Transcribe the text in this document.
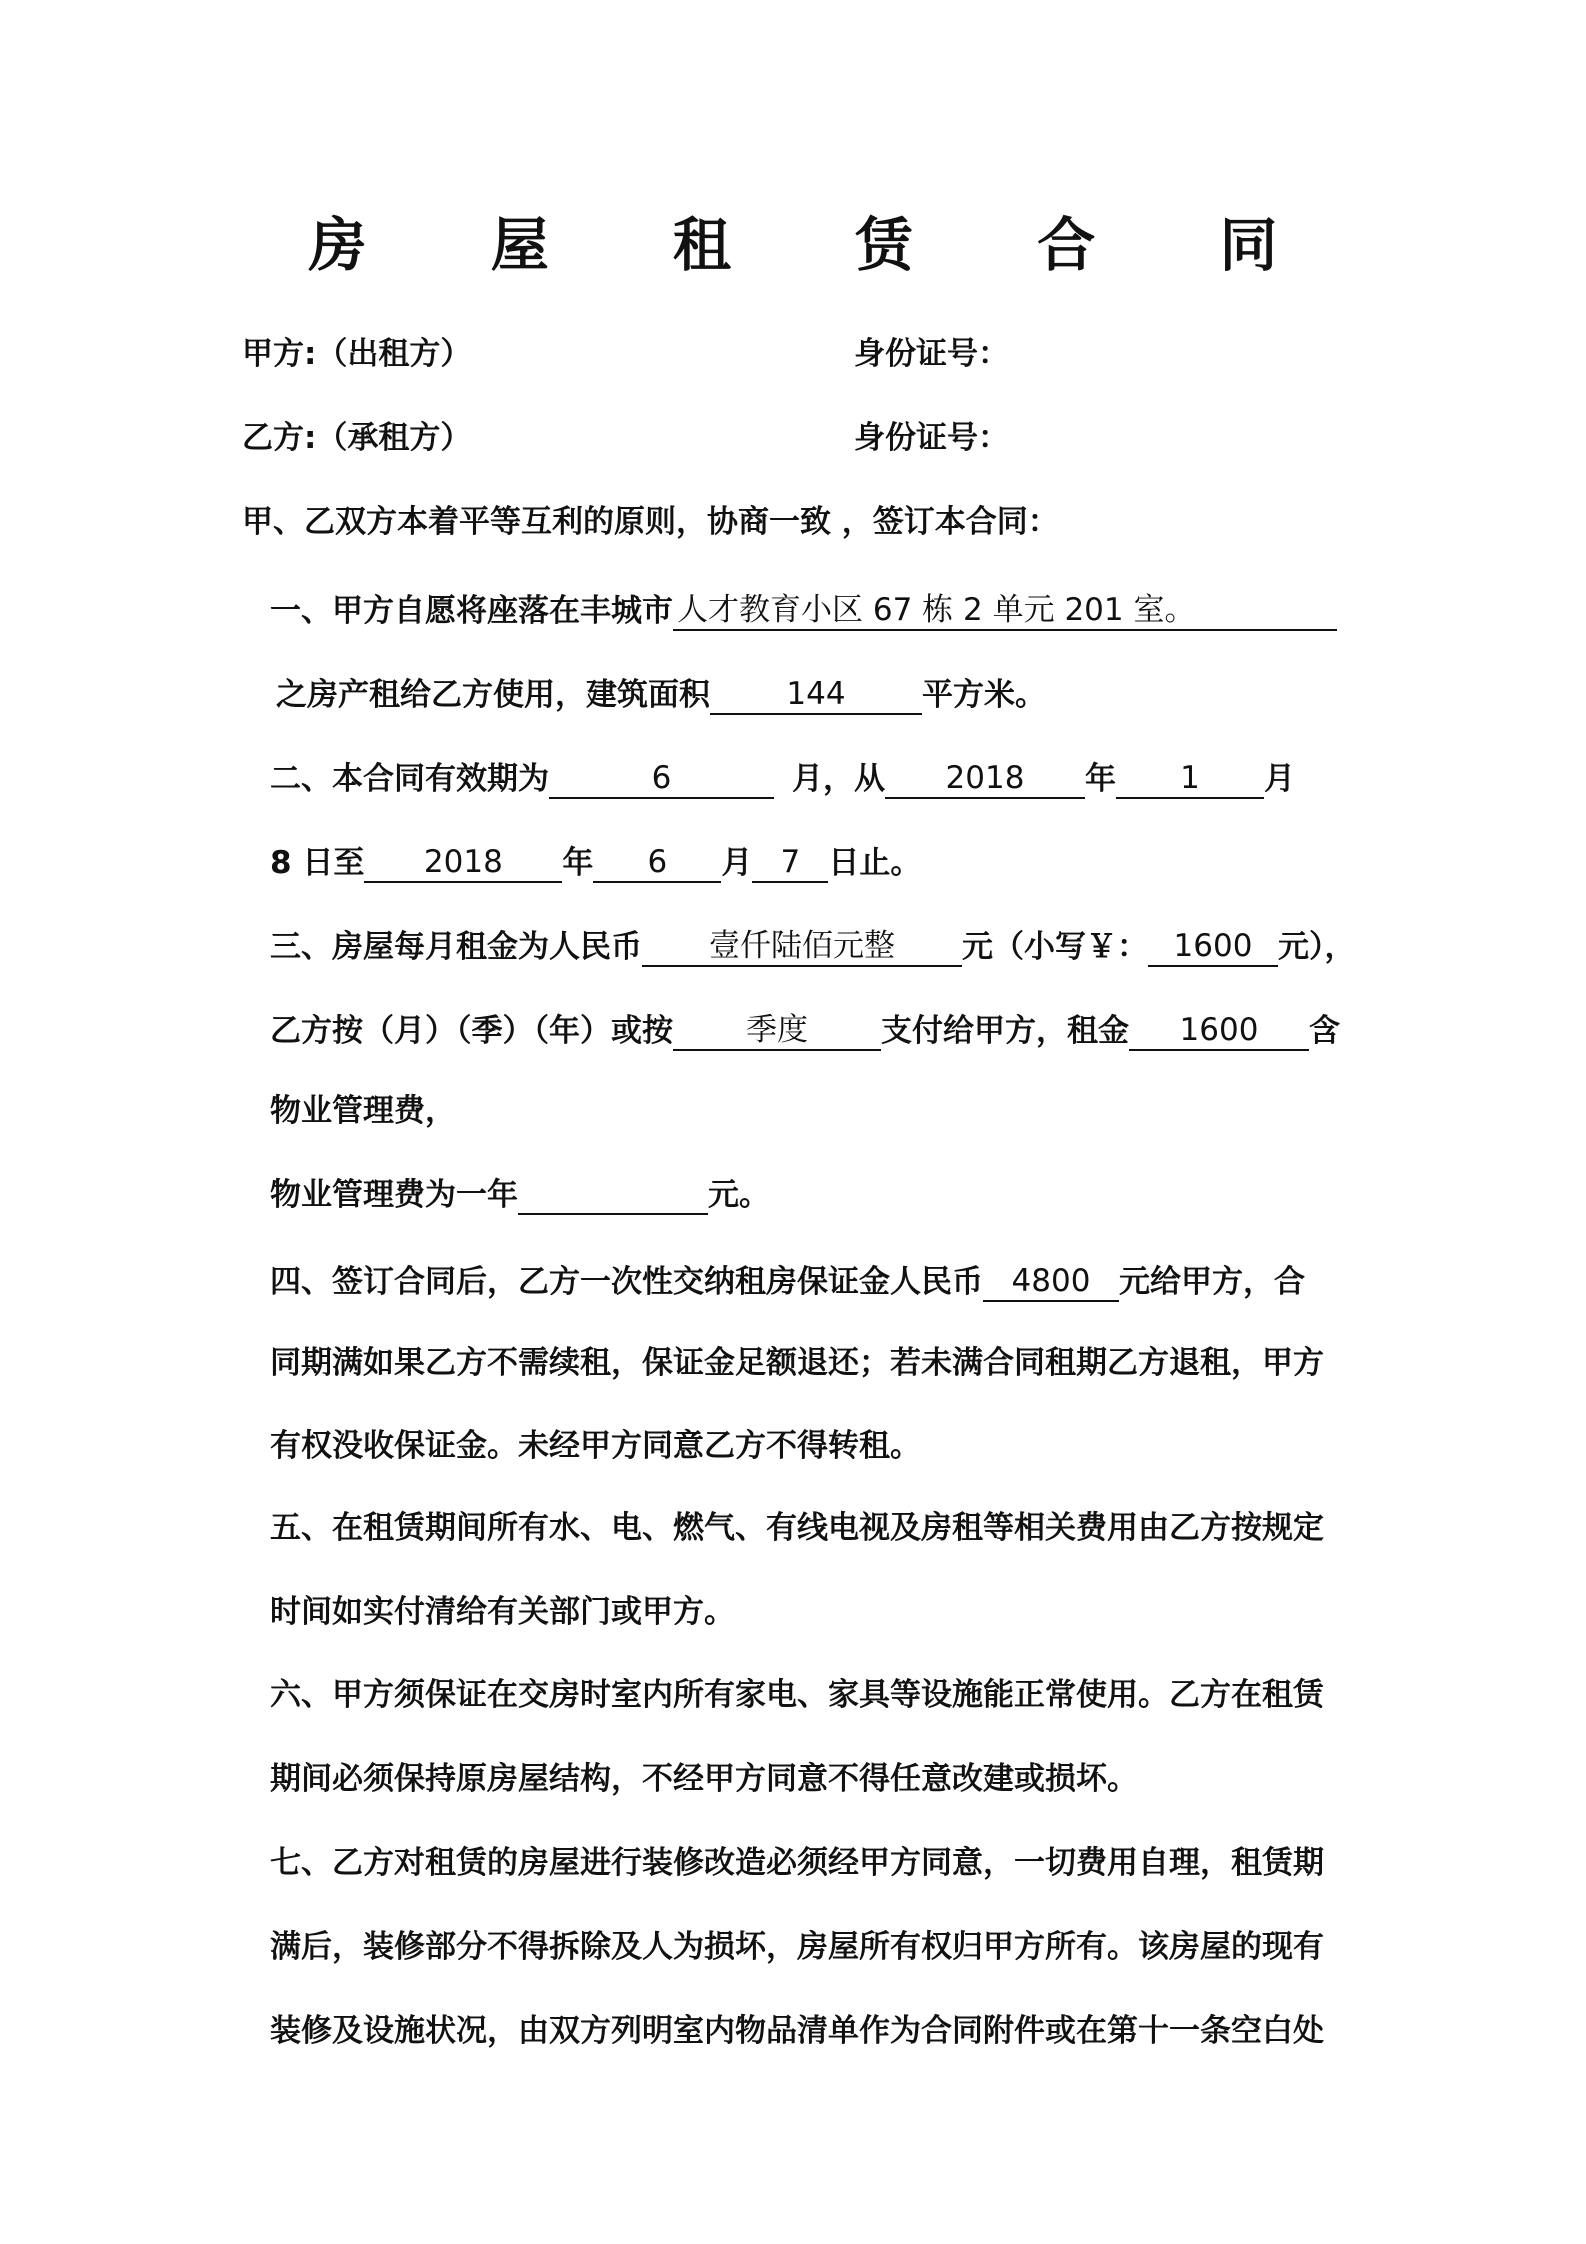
房 屋 租 赁 合 同
甲方:（出租方）	身份证号：
乙方:（承租方）	身份证号：
甲、乙双方本着平等互利的原则，协商一致 ，签订本合同：
一、甲方自愿将座落在丰城市 人才教育小区 67 栋 2 单元 201 室。
之房产租给乙方使用，建筑面积 144 平方米。
二、本合同有效期为	6	月，从 2018 年 1 月
8 日至 2018 年 6 月 7 日止。
三、房屋每月租金为人民币 壹仟陆佰元整 元（小写￥： 1600 元），
乙方按（月）（季）（年）或按 季度 支付给甲方，租金 1600 含
物业管理费，
物业管理费为一年	元。
四、签订合同后，乙方一次性交纳租房保证金人民币 4800 元给甲方，合
同期满如果乙方不需续租，保证金足额退还；若未满合同租期乙方退租，甲方
有权没收保证金。未经甲方同意乙方不得转租。
五、在租赁期间所有水、电、燃气、有线电视及房租等相关费用由乙方按规定
时间如实付清给有关部门或甲方。
六、甲方须保证在交房时室内所有家电、家具等设施能正常使用。乙方在租赁
期间必须保持原房屋结构，不经甲方同意不得任意改建或损坏。
七、乙方对租赁的房屋进行装修改造必须经甲方同意，一切费用自理，租赁期
满后，装修部分不得拆除及人为损坏，房屋所有权归甲方所有。该房屋的现有
装修及设施状况，由双方列明室内物品清单作为合同附件或在第十一条空白处
